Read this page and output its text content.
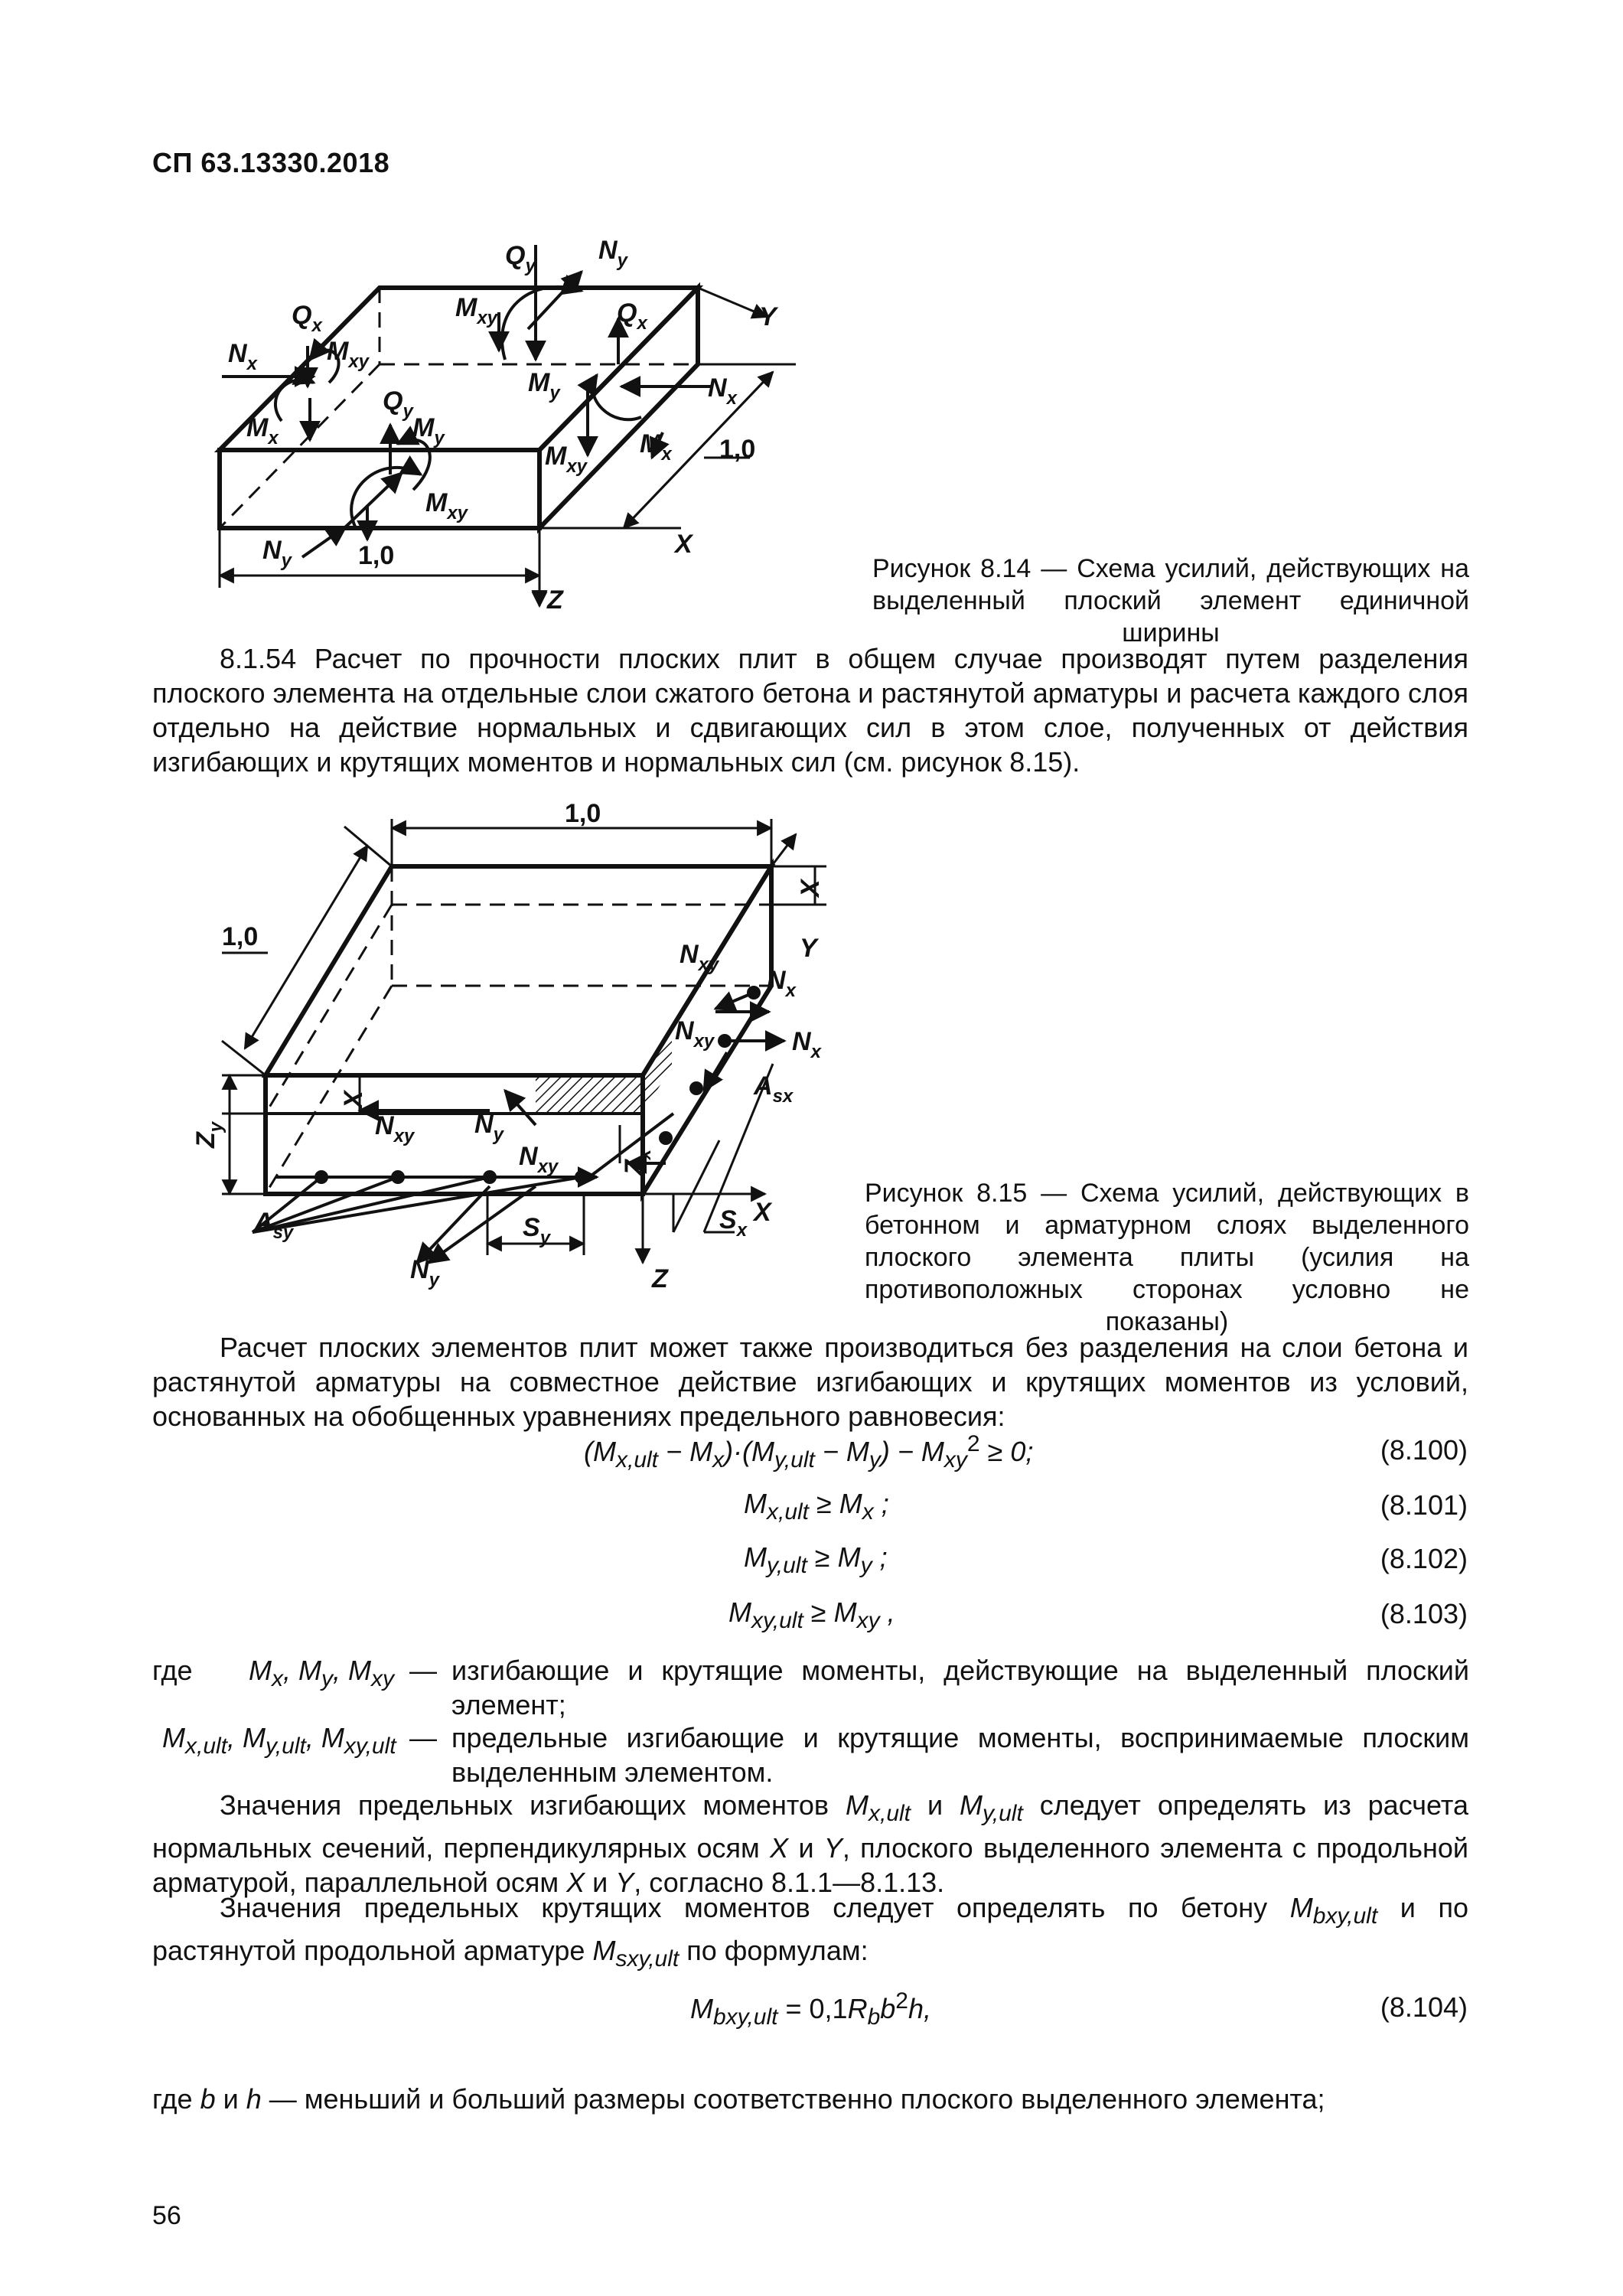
СП 63.13330.2018
$Q_y$
$N_y$
$M_{xy}$
$M_y$
$Q_x$
$N_x$
$M_x$
$M_{xy}$
$Q_x$
$N_x$	$M_{xy}$
$M_x$
$Q_y$
$M_y$
$M_{xy}$
$N_y$	1,0
1,0
X
Y
Z
Рисунок 8.14 — Схема усилий, действующих на выделенный плоский элемент единичной ширины
8.1.54 Расчет по прочности плоских плит в общем случае производят путем разделения плоского элемента на отдельные слои сжатого бетона и растянутой арматуры и расчета каждого слоя отдельно на действие нормальных и сдвигающих сил в этом слое, полученных от действия изгибающих и крутящих моментов и нормальных сил (см. рисунок 8.15).
1,0
1,0
X
X
$N_{xy}$
$N_x$
$N_{xy}$	$N_x$
$A_{sx}$
$Z_y$	$N_{xy}$ $N_y$
$N_{xy}$ $Z_x$
$A_{sy}$	$S_y$
$S_x$
$N_y$
X
Y
Z
Рисунок 8.15 — Схема усилий, действующих в бетонном и арматурном слоях выделенного плоского элемента плиты (усилия на противоположных сторонах условно не показаны)
Расчет плоских элементов плит может также производиться без разделения на слои бетона и растянутой арматуры на совместное действие изгибающих и крутящих моментов из условий, основанных на обобщенных уравнениях предельного равновесия:
$(M_{x,ult} - M_x)\cdot(M_{y,ult} - M_y) - M_{xy}^2 \ge 0$;	(8.100)
$M_{x,ult} \ge M_x$ ;	(8.101)
$M_{y,ult} \ge M_y$ ;	(8.102)
$M_{xy,ult} \ge M_{xy}$ ,	(8.103)
где $M_x$, $M_y$, $M_{xy}$ — изгибающие и крутящие моменты, действующие на выделенный плоский элемент;
$M_{x,ult}$, $M_{y,ult}$, $M_{xy,ult}$ — предельные изгибающие и крутящие моменты, воспринимаемые плоским выделенным элементом.
Значения предельных изгибающих моментов $M_{x,ult}$ и $M_{y,ult}$ следует определять из расчета нормальных сечений, перпендикулярных осям X и Y, плоского выделенного элемента с продольной арматурой, параллельной осям X и Y, согласно 8.1.1—8.1.13.
Значения предельных крутящих моментов следует определять по бетону $M_{bxy,ult}$ и по растянутой продольной арматуре $M_{sxy,ult}$ по формулам:
$M_{bxy,ult} = 0,1R_bb^2h$,	(8.104)
где b и h — меньший и больший размеры соответственно плоского выделенного элемента;
56
